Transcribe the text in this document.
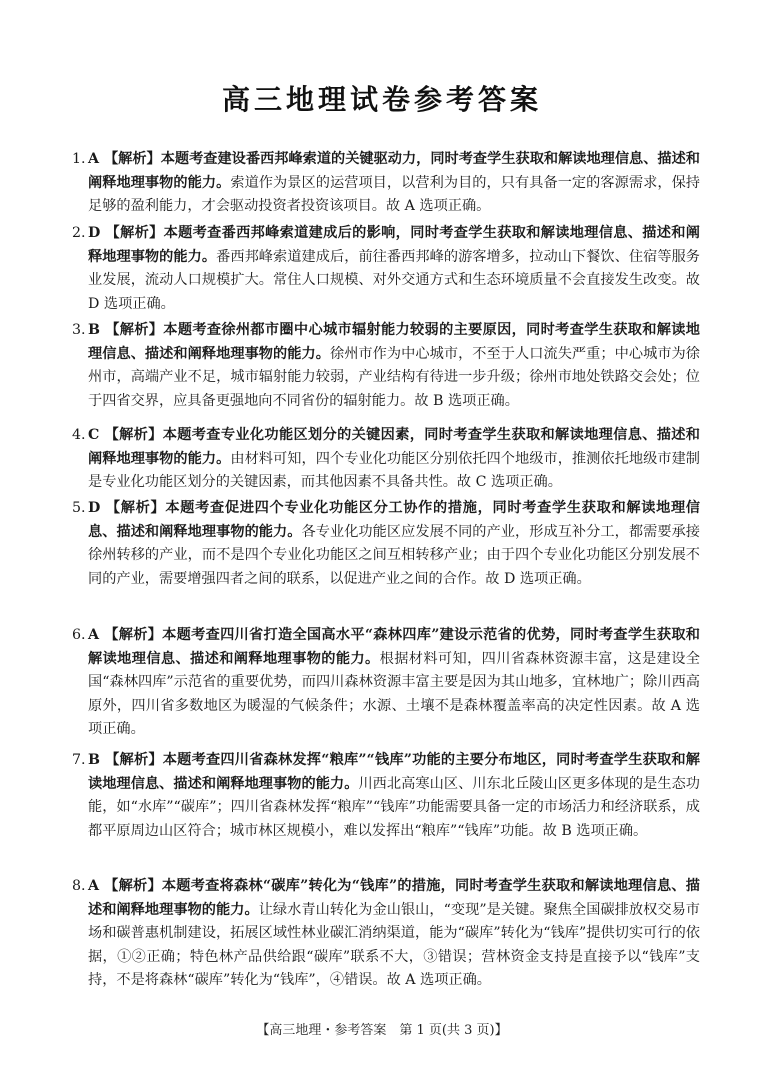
高三地理试卷参考答案
1. A 【解析】本题考查建设番西邦峰索道的关键驱动力，同时考查学生获取和解读地理信息、描述和阐释地理事物的能力。索道作为景区的运营项目，以营利为目的，只有具备一定的客源需求，保持足够的盈利能力，才会驱动投资者投资该项目。故 A 选项正确。
2. D 【解析】本题考查番西邦峰索道建成后的影响，同时考查学生获取和解读地理信息、描述和阐释地理事物的能力。番西邦峰索道建成后，前往番西邦峰的游客增多，拉动山下餐饮、住宿等服务业发展，流动人口规模扩大。常住人口规模、对外交通方式和生态环境质量不会直接发生改变。故 D 选项正确。
3. B 【解析】本题考查徐州都市圈中心城市辐射能力较弱的主要原因，同时考查学生获取和解读地理信息、描述和阐释地理事物的能力。徐州市作为中心城市，不至于人口流失严重；中心城市为徐州市，高端产业不足，城市辐射能力较弱，产业结构有待进一步升级；徐州市地处铁路交会处；位于四省交界，应具备更强地向不同省份的辐射能力。故 B 选项正确。
4. C 【解析】本题考查专业化功能区划分的关键因素，同时考查学生获取和解读地理信息、描述和阐释地理事物的能力。由材料可知，四个专业化功能区分别依托四个地级市，推测依托地级市建制是专业化功能区划分的关键因素，而其他因素不具备共性。故 C 选项正确。
5. D 【解析】本题考查促进四个专业化功能区分工协作的措施，同时考查学生获取和解读地理信息、描述和阐释地理事物的能力。各专业化功能区应发展不同的产业，形成互补分工，都需要承接徐州转移的产业，而不是四个专业化功能区之间互相转移产业；由于四个专业化功能区分别发展不同的产业，需要增强四者之间的联系，以促进产业之间的合作。故 D 选项正确。
6. A 【解析】本题考查四川省打造全国高水平“森林四库”建设示范省的优势，同时考查学生获取和解读地理信息、描述和阐释地理事物的能力。根据材料可知，四川省森林资源丰富，这是建设全国“森林四库”示范省的重要优势，而四川森林资源丰富主要是因为其山地多，宜林地广；除川西高原外，四川省多数地区为暖湿的气候条件；水源、土壤不是森林覆盖率高的决定性因素。故 A 选项正确。
7. B 【解析】本题考查四川省森林发挥“粮库”“钱库”功能的主要分布地区，同时考查学生获取和解读地理信息、描述和阐释地理事物的能力。川西北高寒山区、川东北丘陵山区更多体现的是生态功能，如“水库”“碳库”；四川省森林发挥“粮库”“钱库”功能需要具备一定的市场活力和经济联系，成都平原周边山区符合；城市林区规模小，难以发挥出“粮库”“钱库”功能。故 B 选项正确。
8. A 【解析】本题考查将森林“碳库”转化为“钱库”的措施，同时考查学生获取和解读地理信息、描述和阐释地理事物的能力。让绿水青山转化为金山银山，“变现”是关键。聚焦全国碳排放权交易市场和碳普惠机制建设，拓展区域性林业碳汇消纳渠道，能为“碳库”转化为“钱库”提供切实可行的依据，①②正确；特色林产品供给跟“碳库”联系不大，③错误；营林资金支持是直接予以“钱库”支持，不是将森林“碳库”转化为“钱库”，④错误。故 A 选项正确。
【高三地理・参考答案　第 1 页(共 3 页)】
